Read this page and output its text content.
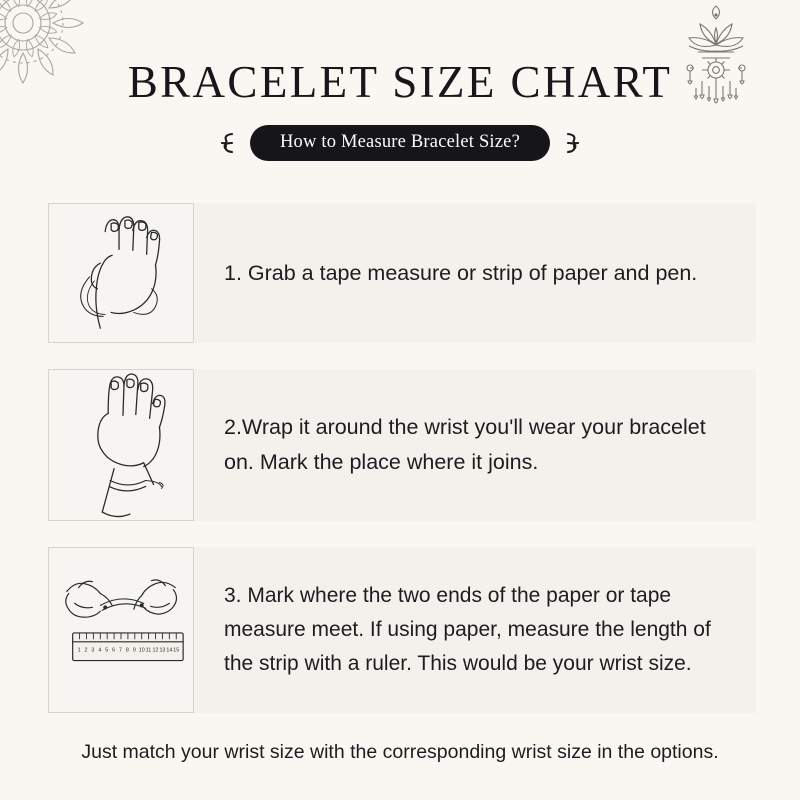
BRACELET SIZE CHART
How to Measure Bracelet Size?
1. Grab a tape measure or strip of paper and pen.
2.Wrap it around the wrist you'll wear your bracelet on. Mark the place where it joins.
1 2 3 4 5 6 7 8 9 10 11 12 13 14 15
3. Mark where the two ends of the paper or tape measure meet. If using paper, measure the length of the strip with a ruler. This would be your wrist size.
Just match your wrist size with the corresponding wrist size in the options.
